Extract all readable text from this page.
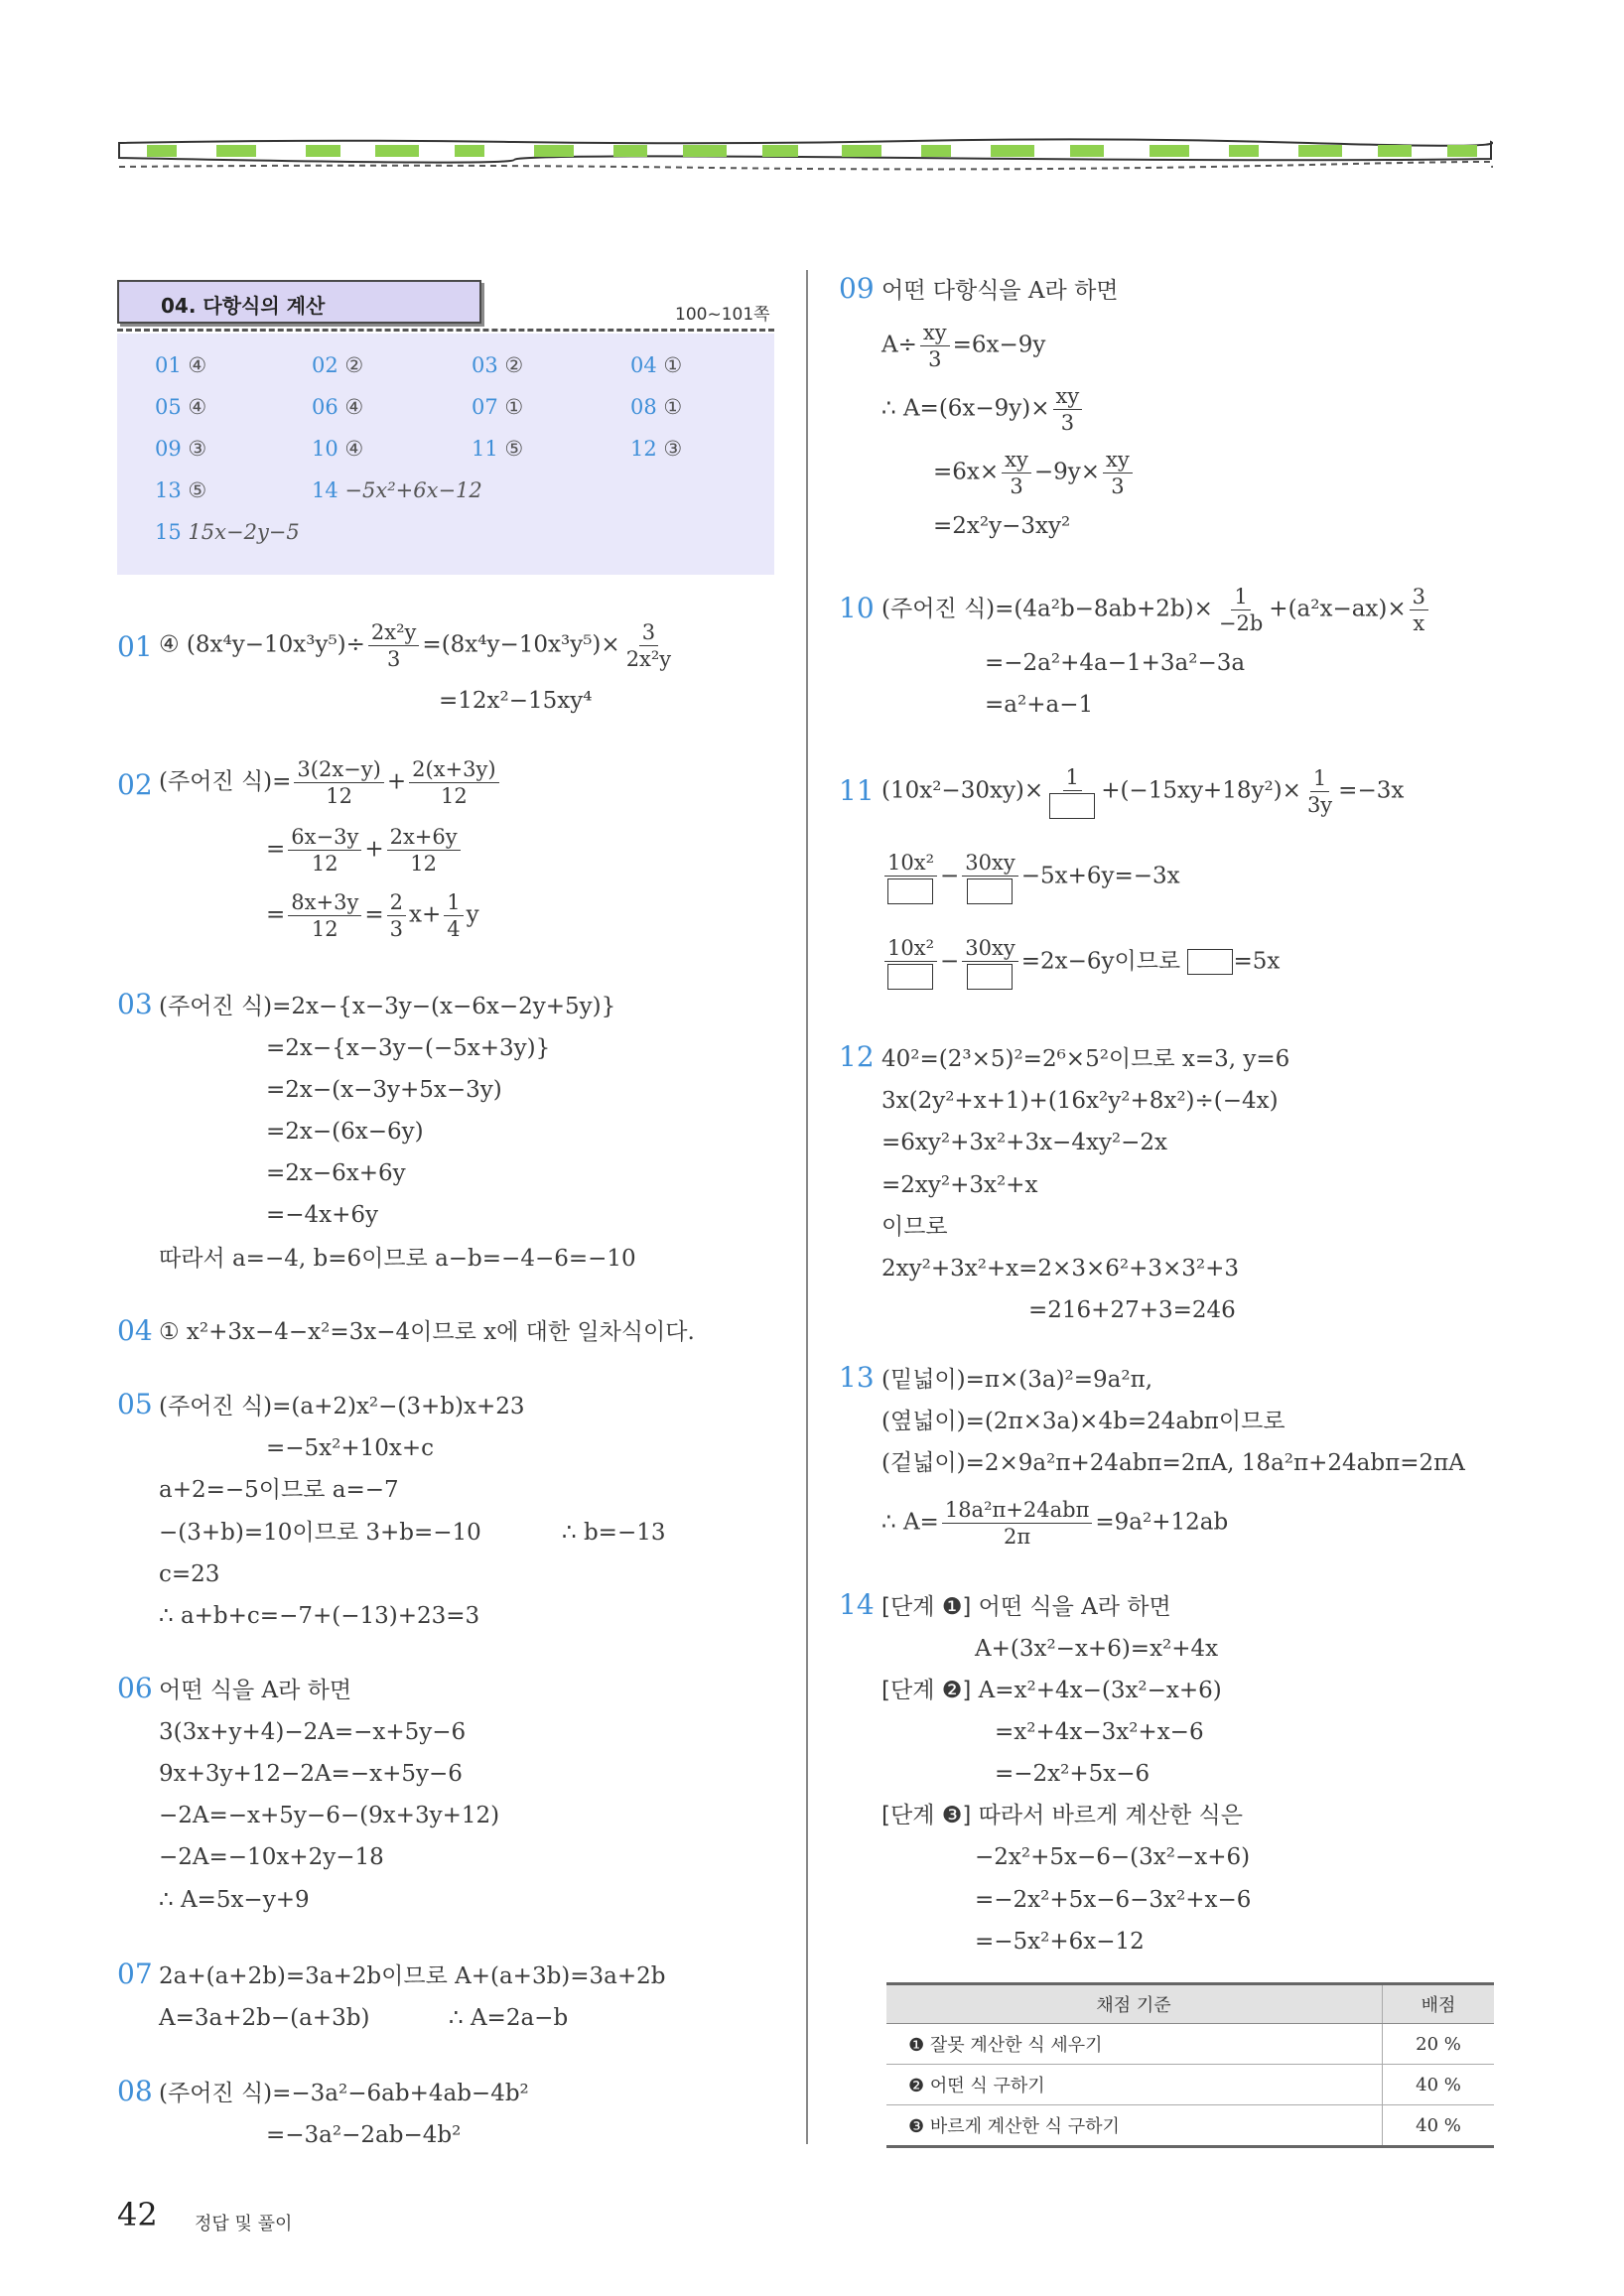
04. 다항식의 계산	100~101쪽
01 ④	02 ②	03 ②	04 ①
05 ④	06 ④	07 ①	08 ①
09 ③	10 ④	11 ⑤	12 ③
13 ⑤	14 −5x²+6x−12
15 15x−2y−5
01 ④ $(8x^4y-10x^3y^5)\div \frac{\text{2x²y}}{3} =(8x^4y-10x^3y^5)\times \frac{3}{\text{2x²y}}$
=12x²−15xy⁴
02 (주어진 식)= $\frac{3(2x-y)}{12} + \frac{2(x+3y)}{12}$
= $\frac{6x-3y}{12} + \frac{2x+6y}{12}$
= $\frac{8x+3y}{12} = \frac{2}{3} x+ \frac{1}{4}$ y
03 (주어진 식)=2x−{x−3y−(x−6x−2y+5y)}
=2x−{x−3y−(−5x+3y)}
=2x−(x−3y+5x−3y)
=2x−(6x−6y)
=2x−6x+6y
=−4x+6y
따라서 a=−4, b=6이므로 a−b=−4−6=−10
04 ① x²+3x−4−x²=3x−4이므로 x에 대한 일차식이다.
05 (주어진 식)=(a+2)x²−(3+b)x+23
=−5x²+10x+c
a+2=−5이므로 a=−7
−(3+b)=10이므로 3+b=−10	∴ b=−13
c=23
∴ a+b+c=−7+(−13)+23=3
06 어떤 식을 A라 하면
3(3x+y+4)−2A=−x+5y−6
9x+3y+12−2A=−x+5y−6
−2A=−x+5y−6−(9x+3y+12)
−2A=−10x+2y−18
∴ A=5x−y+9
07 2a+(a+2b)=3a+2b이므로 A+(a+3b)=3a+2b
A=3a+2b−(a+3b)	∴ A=2a−b
08 (주어진 식)=−3a²−6ab+4ab−4b²
=−3a²−2ab−4b²
09 어떤 다항식을 A라 하면
$A\div \frac{xy}{3} =6x-9y$
∴ $A=(6x-9y)\times \frac{xy}{3}$
$=6x\times \frac{xy}{3} -9y\times \frac{xy}{3}$
=2x²y−3xy²
10 (주어진 식)$=(4a^2b-8ab+2b)\times \frac{1}{-2b} +(a^2x-ax)\times \frac{3}{x}$
=−2a²+4a−1+3a²−3a
=a²+a−1
11 (10x²−30xy)×
1
$+(-15xy+18y^2)\times \frac{1}{3y} =-3x$
10x²
−
30xy
−5x+6y=−3x
10x²
−
30xy
=2x−6y이므로 =5x
12 40²=(2³×5)²=2⁶×5²이므로 x=3, y=6
3x(2y²+x+1)+(16x²y²+8x²)÷(−4x)
=6xy²+3x²+3x−4xy²−2x
=2xy²+3x²+x
이므로
2xy²+3x²+x=2×3×6²+3×3²+3
=216+27+3=246
13 (밑넓이)=π×(3a)²=9a²π,
(옆넓이)=(2π×3a)×4b=24abπ이므로
(겉넓이)=2×9a²π+24abπ=2πA, 18a²π+24abπ=2πA
∴ $A= \frac{\text{18a²π+24abπ}}{2\pi} =9a^2+12ab$
14 [단계 ❶] 어떤 식을 A라 하면
A+(3x²−x+6)=x²+4x
[단계 ❷] A=x²+4x−(3x²−x+6)
=x²+4x−3x²+x−6
=−2x²+5x−6
[단계 ❸] 따라서 바르게 계산한 식은
−2x²+5x−6−(3x²−x+6)
=−2x²+5x−6−3x²+x−6
=−5x²+6x−12
채점 기준	배점
❶ 잘못 계산한 식 세우기	20 %
❷ 어떤 식 구하기	40 %
❸ 바르게 계산한 식 구하기	40 %
42 정답 및 풀이
